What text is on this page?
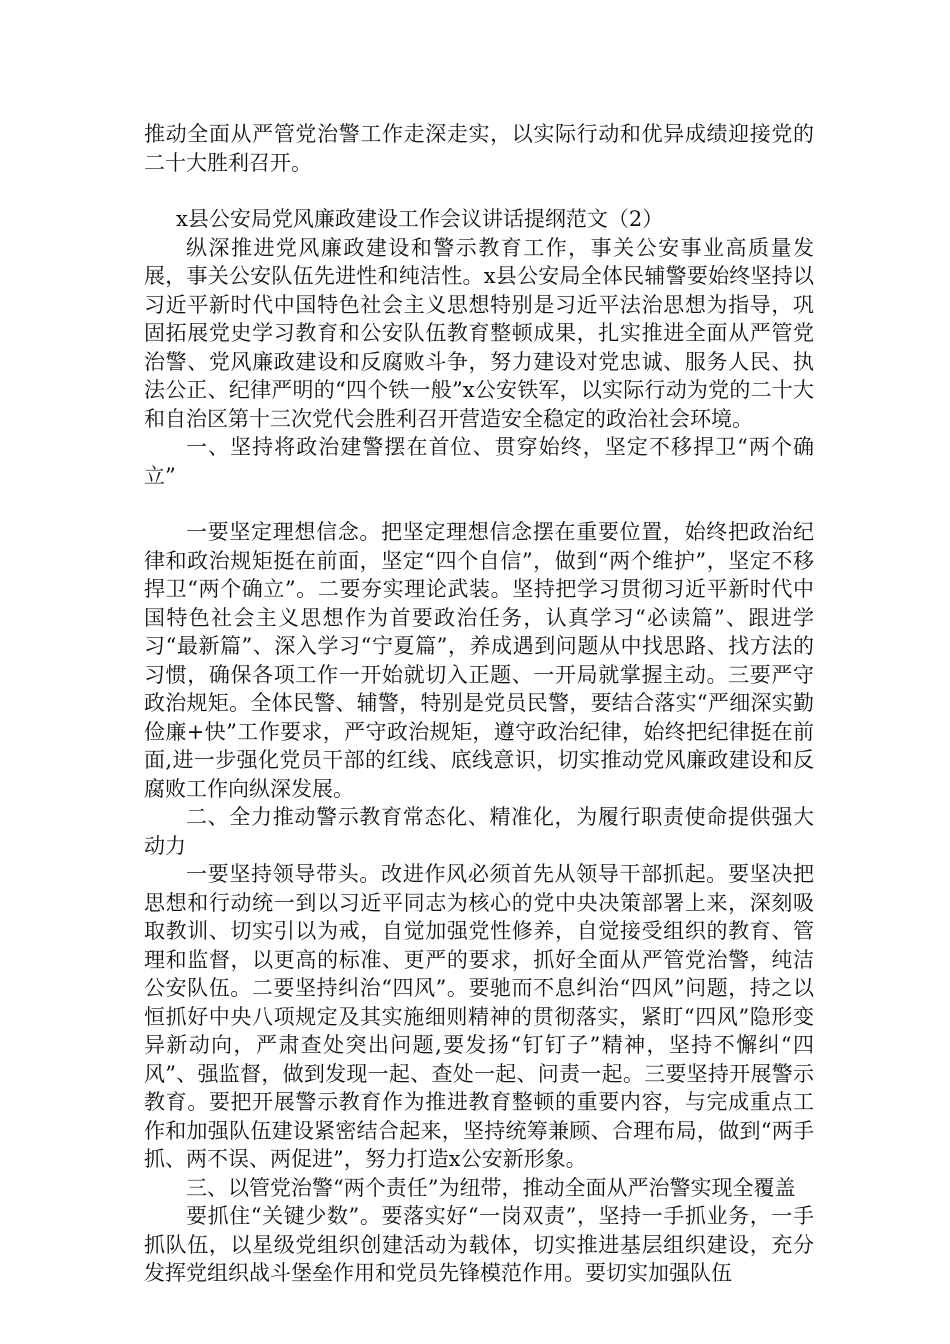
推动全面从严管党治警工作走深走实，以实际行动和优异成绩迎接党的二十大胜利召开。

x县公安局党风廉政建设工作会议讲话提纲范文（2）

纵深推进党风廉政建设和警示教育工作，事关公安事业高质量发展，事关公安队伍先进性和纯洁性。x县公安局全体民辅警要始终坚持以习近平新时代中国特色社会主义思想特别是习近平法治思想为指导，巩固拓展党史学习教育和公安队伍教育整顿成果，扎实推进全面从严管党治警、党风廉政建设和反腐败斗争，努力建设对党忠诚、服务人民、执法公正、纪律严明的“四个铁一般”x公安铁军，以实际行动为党的二十大和自治区第十三次党代会胜利召开营造安全稳定的政治社会环境。

一、坚持将政治建警摆在首位、贯穿始终，坚定不移捍卫“两个确立”

一要坚定理想信念。把坚定理想信念摆在重要位置，始终把政治纪律和政治规矩挺在前面，坚定“四个自信”，做到“两个维护”，坚定不移捍卫“两个确立”。二要夯实理论武装。坚持把学习贯彻习近平新时代中国特色社会主义思想作为首要政治任务，认真学习“必读篇”、跟进学习“最新篇”、深入学习“宁夏篇”，养成遇到问题从中找思路、找方法的习惯，确保各项工作一开始就切入正题、一开局就掌握主动。三要严守政治规矩。全体民警、辅警，特别是党员民警，要结合落实“严细深实勤俭廉+快”工作要求，严守政治规矩，遵守政治纪律，始终把纪律挺在前面,进一步强化党员干部的红线、底线意识，切实推动党风廉政建设和反腐败工作向纵深发展。

二、全力推动警示教育常态化、精准化，为履行职责使命提供强大动力

一要坚持领导带头。改进作风必须首先从领导干部抓起。要坚决把思想和行动统一到以习近平同志为核心的党中央决策部署上来，深刻吸取教训、切实引以为戒，自觉加强党性修养，自觉接受组织的教育、管理和监督，以更高的标准、更严的要求，抓好全面从严管党治警，纯洁公安队伍。二要坚持纠治“四风”。要驰而不息纠治“四风”问题，持之以恒抓好中央八项规定及其实施细则精神的贯彻落实，紧盯“四风”隐形变异新动向，严肃查处突出问题,要发扬“钉钉子”精神，坚持不懈纠“四风”、强监督，做到发现一起、查处一起、问责一起。三要坚持开展警示教育。要把开展警示教育作为推进教育整顿的重要内容，与完成重点工作和加强队伍建设紧密结合起来，坚持统筹兼顾、合理布局，做到“两手抓、两不误、两促进”，努力打造x公安新形象。

三、以管党治警“两个责任”为纽带，推动全面从严治警实现全覆盖

要抓住“关键少数”。要落实好“一岗双责”，坚持一手抓业务，一手抓队伍，以星级党组织创建活动为载体，切实推进基层组织建设，充分发挥党组织战斗堡垒作用和党员先锋模范作用。要切实加强队伍
